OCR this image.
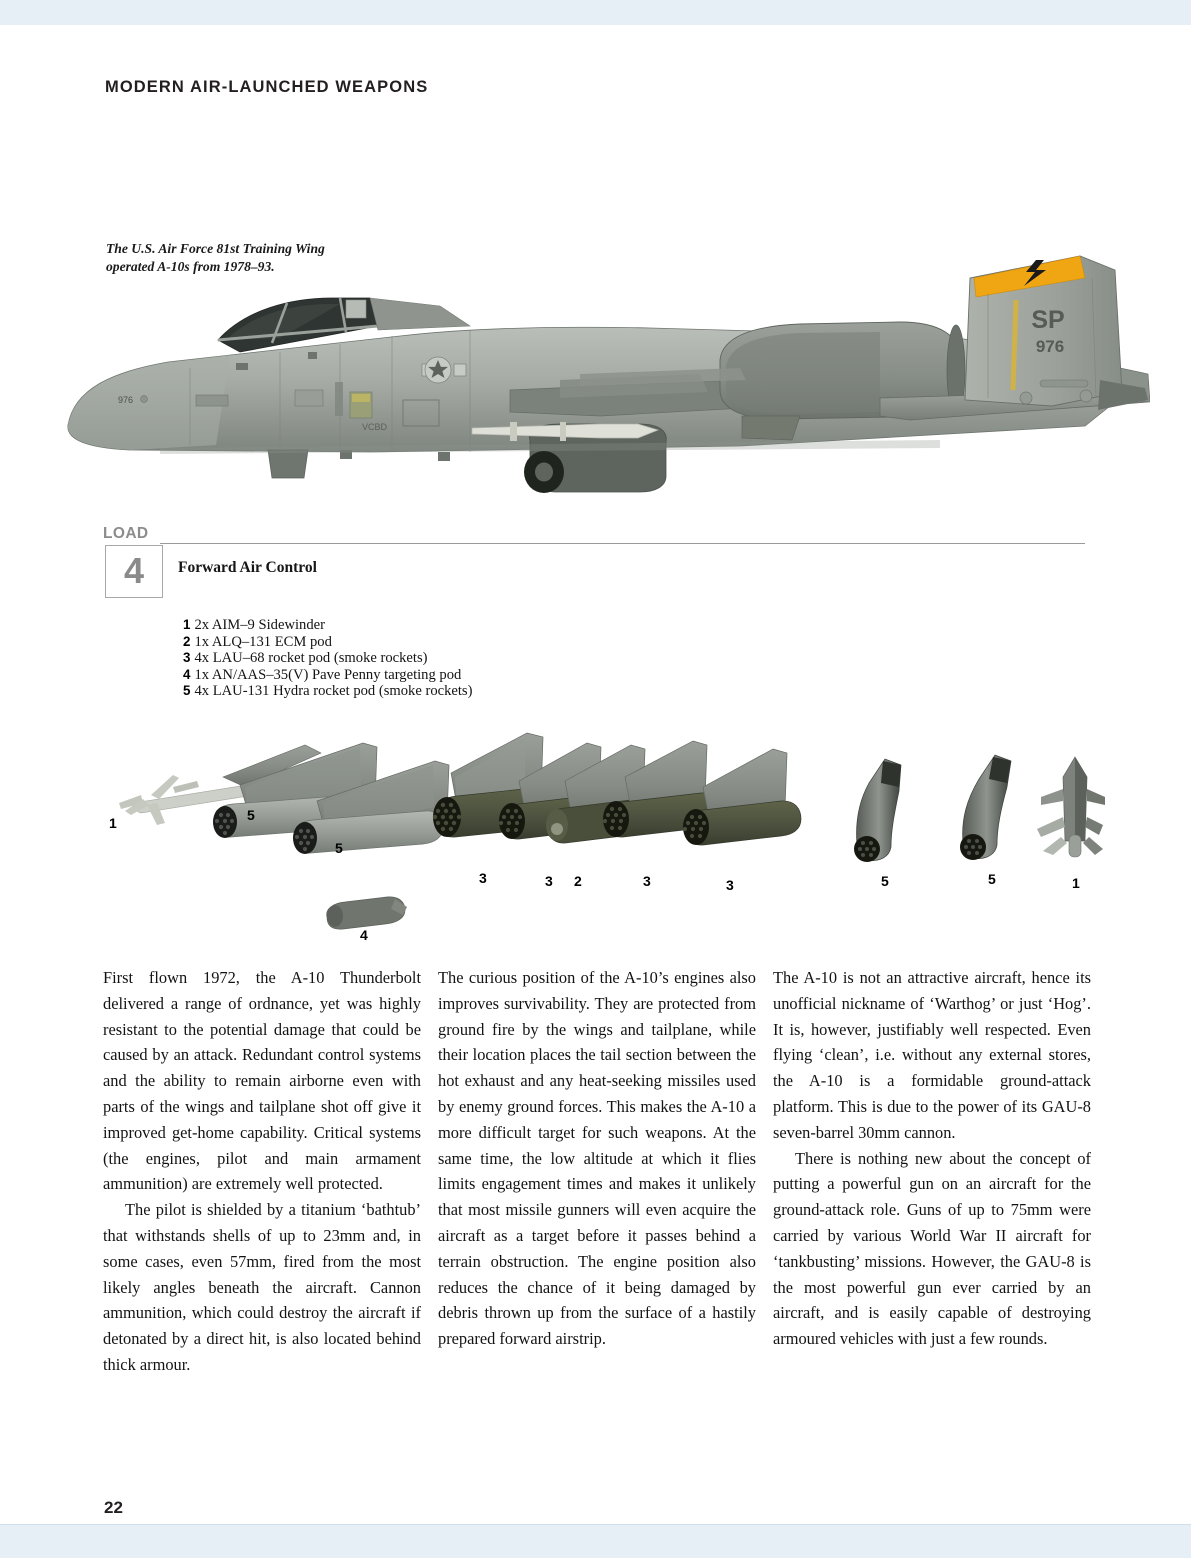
MODERN AIR-LAUNCHED WEAPONS
The U.S. Air Force 81st Training Wing
operated A-10s from 1978–93.
976
VCBD
SP
976
LOAD
4	Forward Air Control
1 2x AIM–9 Sidewinder
2 1x ALQ–131 ECM pod
3 4x LAU–68 rocket pod (smoke rockets)
4 1x AN/AAS–35(V) Pave Penny targeting pod
5 4x LAU-131 Hydra rocket pod (smoke rockets)
1	5
5
4
3	3 2	3	3	5	5	1

First flown 1972, the A-10 Thunderbolt delivered a range of ordnance, yet was highly resistant to the potential damage that could be caused by an attack. Redundant control systems and the ability to remain airborne even with parts of the wings and tailplane shot off give it improved get-home capability. Critical systems (the engines, pilot and main armament ammunition) are extremely well protected.

The pilot is shielded by a titanium ‘bathtub’ that withstands shells of up to 23mm and, in some cases, even 57mm, fired from the most likely angles beneath the aircraft. Cannon ammunition, which could destroy the aircraft if detonated by a direct hit, is also located behind thick armour.

The curious position of the A-10’s engines also improves survivability. They are protected from ground fire by the wings and tailplane, while their location places the tail section between the hot exhaust and any heat-seeking missiles used by enemy ground forces. This makes the A-10 a more difficult target for such weapons. At the same time, the low altitude at which it flies limits engagement times and makes it unlikely that most missile gunners will even acquire the aircraft as a target before it passes behind a terrain obstruction. The engine position also reduces the chance of it being damaged by debris thrown up from the surface of a hastily prepared forward airstrip.

The A-10 is not an attractive aircraft, hence its unofficial nickname of ‘Warthog’ or just ‘Hog’. It is, however, justifiably well respected. Even flying ‘clean’, i.e. without any external stores, the A-10 is a formidable ground-attack platform. This is due to the power of its GAU-8 seven-barrel 30mm cannon.

There is nothing new about the concept of putting a powerful gun on an aircraft for the ground-attack role. Guns of up to 75mm were carried by various World War II aircraft for ‘tankbusting’ missions. However, the GAU-8 is the most powerful gun ever carried by an aircraft, and is easily capable of destroying armoured vehicles with just a few rounds.

22
